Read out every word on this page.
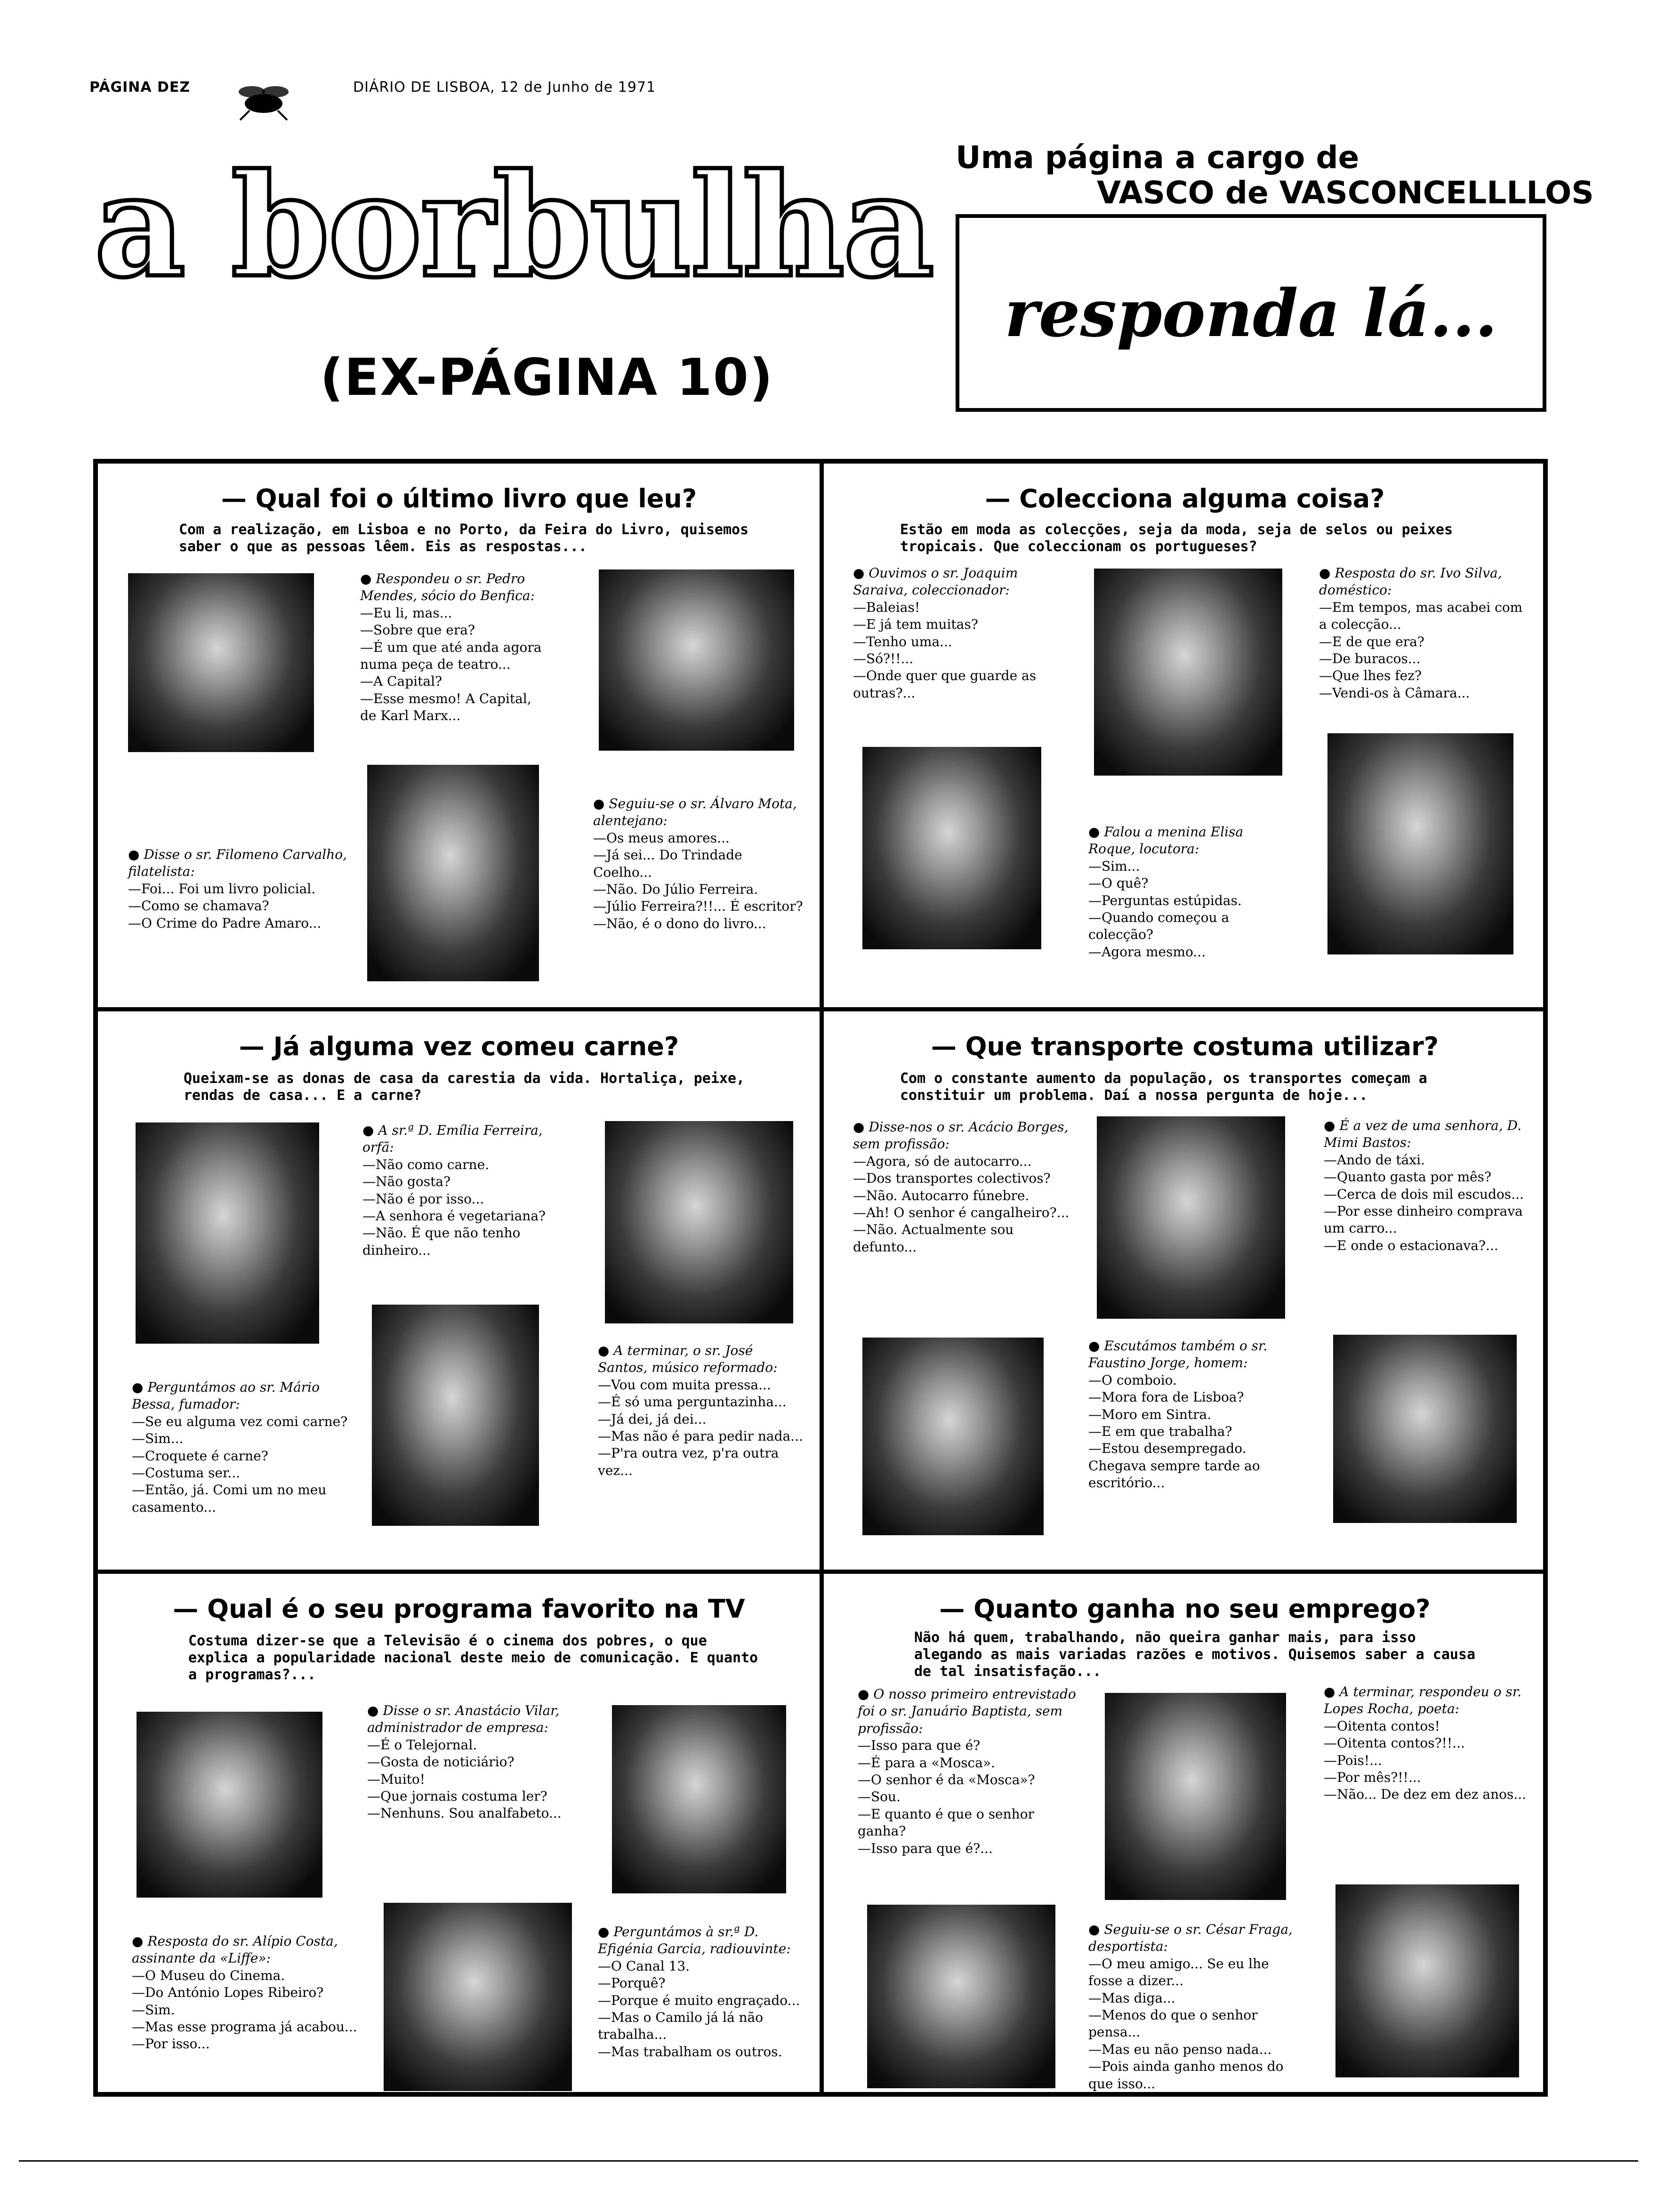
PÁGINA DEZ	DIÁRIO DE LISBOA, 12 de Junho de 1971
a borbulha
(EX-PÁGINA 10)
Uma página a cargo de
VASCO de VASCONCELLLLOS
responda lá...
— Qual foi o último livro que leu?
Com a realização, em Lisboa e no Porto, da Feira do Livro, quisemos saber o que as pessoas lêem. Eis as respostas...
● Respondeu o sr. Pedro Mendes, sócio do Benfica:
—Eu li, mas...
—Sobre que era?
—É um que até anda agora numa peça de teatro...
—A Capital?
—Esse mesmo! A Capital, de Karl Marx...
● Disse o sr. Filomeno Carvalho, filatelista:
—Foi... Foi um livro policial.
—Como se chamava?
—O Crime do Padre Amaro...
● Seguiu-se o sr. Álvaro Mota, alentejano:
—Os meus amores...
—Já sei... Do Trindade Coelho...
—Não. Do Júlio Ferreira.
—Júlio Ferreira?!!... É escritor?
—Não, é o dono do livro...
— Colecciona alguma coisa?
Estão em moda as colecções, seja da moda, seja de selos ou peixes tropicais. Que coleccionam os portugueses?
● Ouvimos o sr. Joaquim Saraiva, coleccionador:
—Baleias!
—E já tem muitas?
—Tenho uma...
—Só?!!...
—Onde quer que guarde as outras?...
● Resposta do sr. Ivo Silva, doméstico:
—Em tempos, mas acabei com a colecção...
—E de que era?
—De buracos...
—Que lhes fez?
—Vendi-os à Câmara...
● Falou a menina Elisa Roque, locutora:
—Sim...
—O quê?
—Perguntas estúpidas.
—Quando começou a colecção?
—Agora mesmo...
— Já alguma vez comeu carne?
Queixam-se as donas de casa da carestia da vida. Hortaliça, peixe, rendas de casa... E a carne?
● A sr.ª D. Emília Ferreira, orfã:
—Não como carne.
—Não gosta?
—Não é por isso...
—A senhora é vegetariana?
—Não. É que não tenho dinheiro...
● Perguntámos ao sr. Mário Bessa, fumador:
—Se eu alguma vez comi carne?
—Sim...
—Croquete é carne?
—Costuma ser...
—Então, já. Comi um no meu casamento...
● A terminar, o sr. José Santos, músico reformado:
—Vou com muita pressa...
—É só uma perguntazinha...
—Já dei, já dei...
—Mas não é para pedir nada...
—P'ra outra vez, p'ra outra vez...
— Que transporte costuma utilizar?
Com o constante aumento da população, os transportes começam a constituir um problema. Daí a nossa pergunta de hoje...
● Disse-nos o sr. Acácio Borges, sem profissão:
—Agora, só de autocarro...
—Dos transportes colectivos?
—Não. Autocarro fúnebre.
—Ah! O senhor é cangalheiro?...
—Não. Actualmente sou defunto...
● É a vez de uma senhora, D. Mimi Bastos:
—Ando de táxi.
—Quanto gasta por mês?
—Cerca de dois mil escudos...
—Por esse dinheiro comprava um carro...
—E onde o estacionava?...
● Escutámos também o sr. Faustino Jorge, homem:
—O comboio.
—Mora fora de Lisboa?
—Moro em Sintra.
—E em que trabalha?
—Estou desempregado. Chegava sempre tarde ao escritório...
— Qual é o seu programa favorito na TV
Costuma dizer-se que a Televisão é o cinema dos pobres, o que explica a popularidade nacional deste meio de comunicação. E quanto a programas?...
● Disse o sr. Anastácio Vilar, administrador de empresa:
—É o Telejornal.
—Gosta de noticiário?
—Muito!
—Que jornais costuma ler?
—Nenhuns. Sou analfabeto...
● Resposta do sr. Alípio Costa, assinante da «Liffe»:
—O Museu do Cinema.
—Do António Lopes Ribeiro?
—Sim.
—Mas esse programa já acabou...
—Por isso...
● Perguntámos à sr.ª D. Efigénia Garcia, radiouvinte:
—O Canal 13.
—Porquê?
—Porque é muito engraçado...
—Mas o Camilo já lá não trabalha...
—Mas trabalham os outros.
— Quanto ganha no seu emprego?
Não há quem, trabalhando, não queira ganhar mais, para isso alegando as mais variadas razões e motivos. Quisemos saber a causa de tal insatisfação...
● O nosso primeiro entrevistado foi o sr. Januário Baptista, sem profissão:
—Isso para que é?
—É para a «Mosca».
—O senhor é da «Mosca»?
—Sou.
—E quanto é que o senhor ganha?
—Isso para que é?...
● A terminar, respondeu o sr. Lopes Rocha, poeta:
—Oitenta contos!
—Oitenta contos?!!...
—Pois!...
—Por mês?!!...
—Não... De dez em dez anos...
● Seguiu-se o sr. César Fraga, desportista:
—O meu amigo... Se eu lhe fosse a dizer...
—Mas diga...
—Menos do que o senhor pensa...
—Mas eu não penso nada...
—Pois ainda ganho menos do que isso...
